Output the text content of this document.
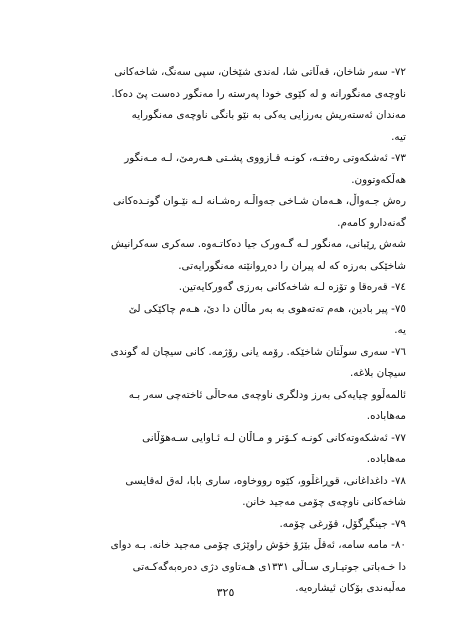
٧٢- سەر شاخان، قەڵاتی شا، لەندی شێخان، سپی سەنگ، شاخەکانی
ناوچەی مەنگورانە و لە کێوی خودا پەرستە را مەنگور دەست پێ دەکا.
مەندان ئەستەریش بەرزایی یەکی بە نێو بانگی ناوچەی مەنگورایە
تیە.
٧٣- ئەشکەوتی رەفتـە، کونـە قـازووی پشـتی هـەرمێ، لـە مـەنگور
هەڵکەوتوون.
رەش جـەواڵ، هـەمان شـاخی جەواڵـە رەشـانە لـە نێـوان گونـدەکانی
گەنەدارو کامەم.
شەش ڕێبانی، مەنگور لـە گـەورک جیا دەکاتـەوە. سەکری سەکرانیش
شاخێکی بەرزە کە لە پیران را دەڕوانێتە مەنگورایەتی.
٧٤- قەرەقا و تۆزە لـە شاخەکانی بەرزی گەورکایەتین.
٧٥- پیر بادین، هەم تەتەهوی بە بەر ماڵان دا دێ، هـەم چاکێکی لێ
یە.
٧٦- سەری سوڵتان شاخێکە. رۆمە یانی رۆژمە. کانی سیچان لە گوندی
سیچان بلاغە.
ئالمەڵوو چیایەکی بەرز ودلگری ناوچەی مەحاڵی ئاختەچی سەر بـە
مەهابادە.
٧٧- ئەشکەوتەکانی کونـە کـۆتر و مـاڵان لـە ئـاوایی سـەهۆڵانی
مەهابادە.
٧٨- داغداغانی، قوڕاغڵوو، کێوە رووخاوە، ساری بابا، لەق لەقایسی
شاخەکانی ناوچەی چۆمی مەجید خانن.
٧٩- جینگڕگۆل، قۆرغی چۆمە.
٨٠- مامە سامە، ئەقڵ بێژۆ خۆش راوێژی چۆمی مەجید خانە. بـە دوای
دا خـەباتی جوتیـاری سـاڵی ١٣٣١ی هـەتاوی دژی دەرەبەگەکـەتی
مەڵبەندی بۆکان ئیشارەیە.
٣٢٥
